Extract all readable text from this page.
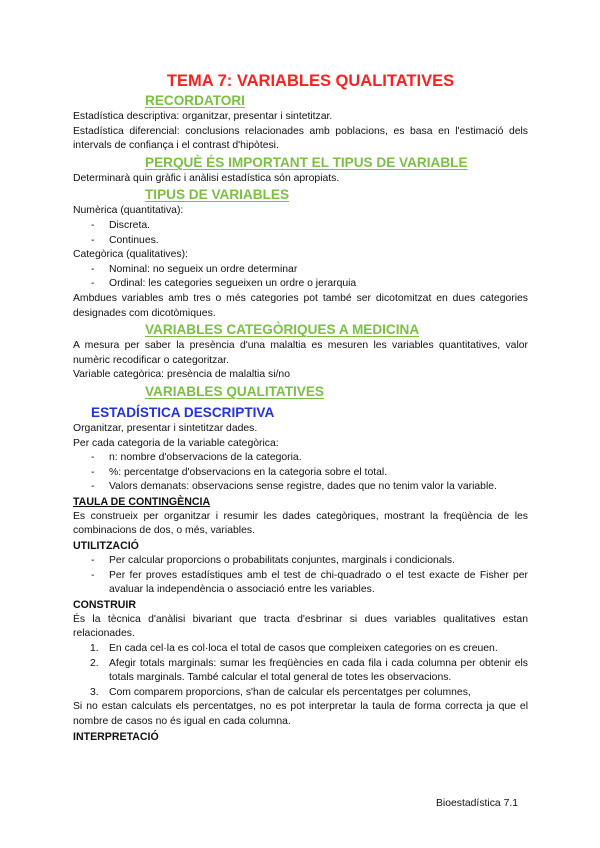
TEMA 7: VARIABLES QUALITATIVES
RECORDATORI

Estadística descriptiva: organitzar, presentar i sintetitzar.

Estadística diferencial: conclusions relacionades amb poblacions, es basa en l'estimació dels intervals de confiança i el contrast d'hipòtesi.

PERQUÈ ÉS IMPORTANT EL TIPUS DE VARIABLE

Determinarà quin gràfic i anàlisi estadística són apropiats.

TIPUS DE VARIABLES

Numèrica (quantitativa):

- Discreta.
- Continues.

Categòrica (qualitatives):

- Nominal: no segueix un ordre determinar
- Ordinal: les categories segueixen un ordre o jerarquia

Ambdues variables amb tres o més categories pot també ser dicotomitzat en dues categories designades com dicotòmiques.

VARIABLES CATEGÒRIQUES A MEDICINA

A mesura per saber la presència d'una malaltia es mesuren les variables quantitatives, valor numèric recodificar o categoritzar.

Variable categòrica: presència de malaltia si/no

VARIABLES QUALITATIVES
ESTADÍSTICA DESCRIPTIVA

Organitzar, presentar i sintetitzar dades.

Per cada categoria de la variable categòrica:

- n: nombre d'observacions de la categoria.
- %: percentatge d'observacions en la categoria sobre el total.
- Valors demanats: observacions sense registre, dades que no tenim valor la variable.
TAULA DE CONTINGÈNCIA

Es construeix per organitzar i resumir les dades categòriques, mostrant la freqüència de les combinacions de dos, o més, variables.

UTILITZACIÓ
- Per calcular proporcions o probabilitats conjuntes, marginals i condicionals.
- Per fer proves estadístiques amb el test de chi-quadrado o el test exacte de Fisher per avaluar la independència o associació entre les variables.
CONSTRUIR

És la tècnica d'anàlisi bivariant que tracta d'esbrinar si dues variables qualitatives estan relacionades.

1. En cada cel·la es col·loca el total de casos que compleixen categories on es creuen.
2. Afegir totals marginals: sumar les freqüències en cada fila i cada columna per obtenir els totals marginals. També calcular el total general de totes les observacions.
3. Com comparem proporcions, s'han de calcular els percentatges per columnes,

Si no estan calculats els percentatges, no es pot interpretar la taula de forma correcta ja que el nombre de casos no és igual en cada columna.

INTERPRETACIÓ
Bioestadística 7.1
